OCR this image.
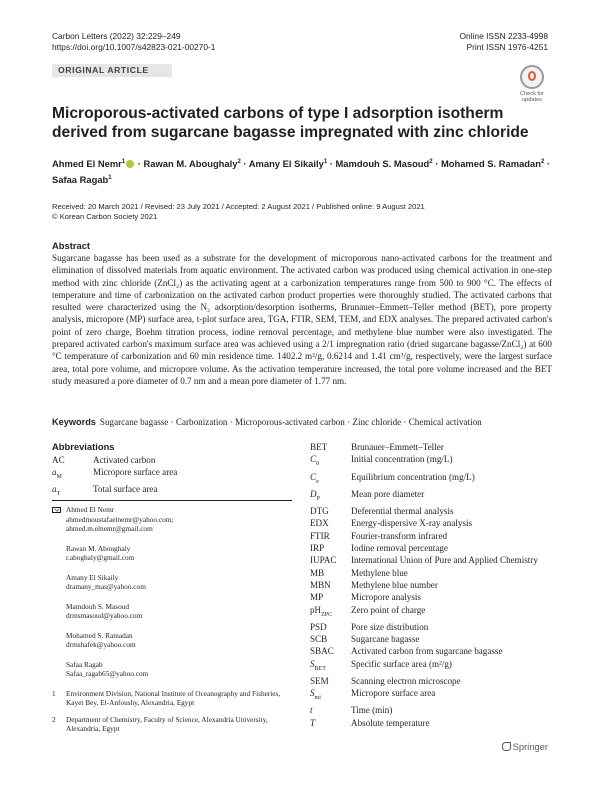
Carbon Letters (2022) 32:229–249
https://doi.org/10.1007/s42823-021-00270-1
Online ISSN 2233-4998
Print ISSN 1976-4251
ORIGINAL ARTICLE
Check for
updates
Microporous-activated carbons of type I adsorption isotherm derived from sugarcane bagasse impregnated with zinc chloride
Ahmed El Nemr$^1$ · Rawan M. Aboughaly$^2$ · Amany El Sikaily$^1$ · Mamdouh S. Masoud$^2$ · Mohamed S. Ramadan$^2$ · Safaa Ragab$^1$
Received: 20 March 2021 / Revised: 23 July 2021 / Accepted: 2 August 2021 / Published online: 9 August 2021
© Korean Carbon Society 2021
Abstract
Sugarcane bagasse has been used as a substrate for the development of microporous nano-activated carbons for the treatment and elimination of dissolved materials from aquatic environment. The activated carbon was produced using chemical activation in one-step method with zinc chloride (ZnCl₂) as the activating agent at a carbonization temperatures range from 500 to 900 °C. The effects of temperature and time of carbonization on the activated carbon product properties were thoroughly studied. The activated carbons that resulted were characterized using the N₂ adsorption/desorption isotherms, Brunauer–Emmett–Teller method (BET), pore property analysis, micropore (MP) surface area, t-plot surface area, TGA, FTIR, SEM, TEM, and EDX analyses. The prepared activated carbon's point of zero charge, Boehm titration process, iodine removal percentage, and methylene blue number were also investigated. The prepared activated carbon's maximum surface area was achieved using a 2/1 impregnation ratio (dried sugarcane bagasse/ZnCl₂) at 600 °C temperature of carbonization and 60 min residence time. 1402.2 m²/g, 0.6214 and 1.41 cm³/g, respectively, were the largest surface area, total pore volume, and micropore volume. As the activation temperature increased, the total pore volume increased and the BET study measured a pore diameter of 0.7 nm and a mean pore diameter of 1.77 nm.
Keywords Sugarcane bagasse · Carbonization · Microporous-activated carbon · Zinc chloride · Chemical activation
Abbreviations
AC	Activated carbon
$a_M$	Micropore surface area
$a_T$	Total surface area
BET	Brunauer–Emmett–Teller
$C_0$	Initial concentration (mg/L)
$C_e$	Equilibrium concentration (mg/L)
$D_P$	Mean pore diameter
DTG	Deferential thermal analysis
EDX	Energy-dispersive X-ray analysis
FTIR	Fourier-transform infrared
IRP	Iodine removal percentage
IUPAC	International Union of Pure and Applied Chemistry
MB	Methylene blue
MBN	Methylene blue number
MP	Micropore analysis
$pH_{ZPC}$	Zero point of charge
PSD	Pore size distribution
SCB	Sugarcane bagasse
SBAC	Activated carbon from sugarcane bagasse
$S_{BET}$	Specific surface area (m²/g)
SEM	Scanning electron microscope
$S_{mi}$	Micropore surface area
t	Time (min)
T	Absolute temperature
Ahmed El Nemr
ahmedmoustafaelnemr@yahoo.com;
ahmed.m.elnemr@gmail.com
Rawan M. Aboughaly
r.aboghaly@gmail.com
Amany El Sikaily
dramany_mas@yahoo.com
Mamdouh S. Masoud
drmsmasoud@yahoo.com
Mohamed S. Ramadan
drmshafek@yahoo.com
Safaa Ragab
Safaa_ragab65@yahoo.com
1	Environment Division, National Institute of Oceanography and Fisheries, Kayet Bey, El-Anfoushy, Alexandria, Egypt
2	Department of Chemistry, Faculty of Science, Alexandria University, Alexandria, Egypt
Springer
